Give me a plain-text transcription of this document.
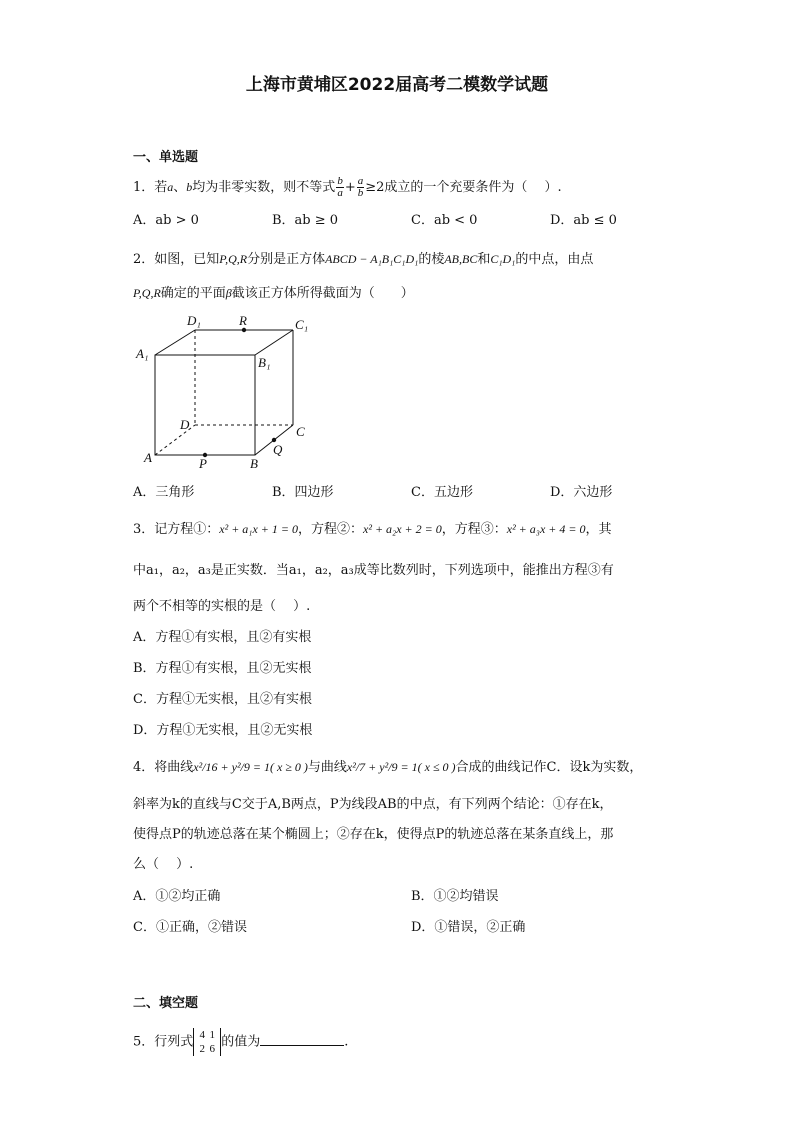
上海市黄埔区2022届高考二模数学试题
一、单选题
1．若a、b均为非零实数，则不等式 $\frac{b}{a} + \frac{a}{b} \ge 2$成立的一个充要条件为（　 ）.
A．ab > 0	B．ab ≥ 0	C．ab < 0	D．ab ≤ 0
2．如图，已知P,Q,R分别是正方体ABCD − A₁B₁C₁D₁的棱AB,BC和C₁D₁的中点，由点
P,Q,R确定的平面β截该正方体所得截面为（　　）
D₁	R	C₁
A₁
B₁
D	C
A	P	B
Q
A．三角形	B．四边形	C．五边形	D．六边形
3．记方程①：x² + a₁x + 1 = 0，方程②：x² + a₂x + 2 = 0，方程③：x² + a₃x + 4 = 0，其
中a₁，a₂，a₃是正实数．当a₁，a₂，a₃成等比数列时，下列选项中，能推出方程③有
两个不相等的实根的是（　 ）.
A．方程①有实根，且②有实根
B．方程①有实根，且②无实根
C．方程①无实根，且②有实根
D．方程①无实根，且②无实根
4．将曲线x²/16 + y²/9 = 1( x ≥ 0 )与曲线x²/7 + y²/9 = 1( x ≤ 0 )合成的曲线记作C．设k为实数，
斜率为k的直线与C交于A,B两点，P为线段AB的中点，有下列两个结论：①存在k，
使得点P的轨迹总落在某个椭圆上；②存在k，使得点P的轨迹总落在某条直线上，那
么（　 ）.
A．①②均正确	B．①②均错误
C．①正确，②错误	D．①错误，②正确
二、填空题
5．行列式 4 1
2 6 的值为	.
